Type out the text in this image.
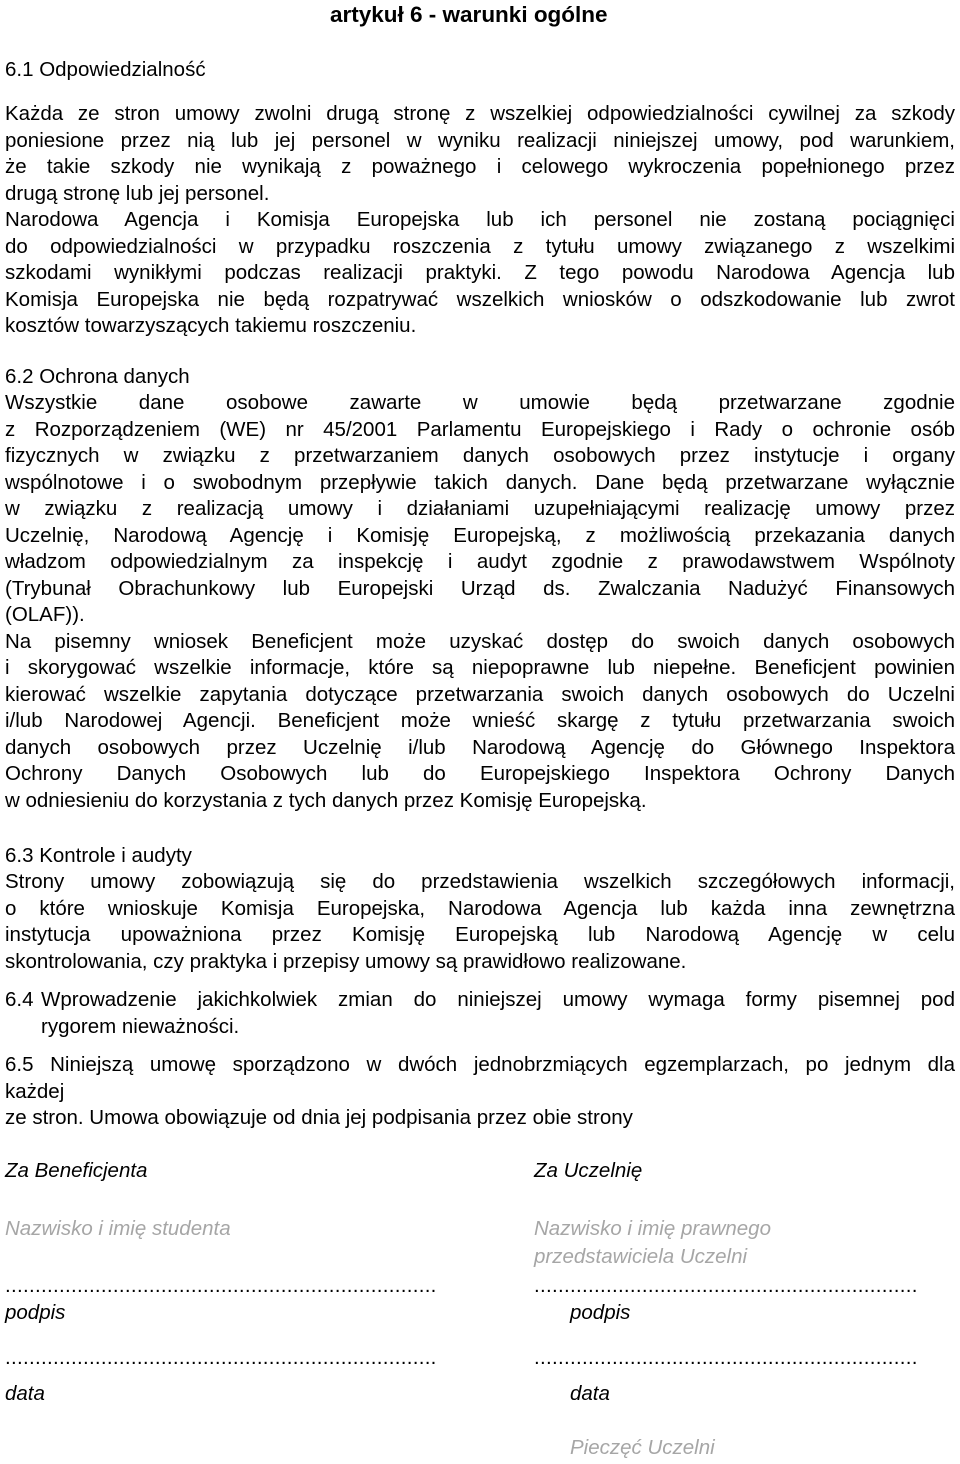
artykuł 6 - warunki ogólne
6.1 Odpowiedzialność

Każda ze stron umowy zwolni drugą stronę z wszelkiej odpowiedzialności cywilnej za szkody

poniesione przez nią lub jej personel w wyniku realizacji niniejszej umowy, pod warunkiem,

że takie szkody nie wynikają z poważnego i celowego wykroczenia popełnionego przez

drugą stronę lub jej personel.

Narodowa Agencja i Komisja Europejska lub ich personel nie zostaną pociągnięci

do odpowiedzialności w przypadku roszczenia z tytułu umowy związanego z wszelkimi

szkodami wynikłymi podczas realizacji praktyki. Z tego powodu Narodowa Agencja lub

Komisja Europejska nie będą rozpatrywać wszelkich wniosków o odszkodowanie lub zwrot

kosztów towarzyszących takiemu roszczeniu.

6.2 Ochrona danych

Wszystkie dane osobowe zawarte w umowie będą przetwarzane zgodnie

z Rozporządzeniem (WE) nr 45/2001 Parlamentu Europejskiego i Rady o ochronie osób

fizycznych w związku z przetwarzaniem danych osobowych przez instytucje i organy

wspólnotowe i o swobodnym przepływie takich danych. Dane będą przetwarzane wyłącznie

w związku z realizacją umowy i działaniami uzupełniającymi realizację umowy przez

Uczelnię, Narodową Agencję i Komisję Europejską, z możliwością przekazania danych

władzom odpowiedzialnym za inspekcję i audyt zgodnie z prawodawstwem Wspólnoty

(Trybunał Obrachunkowy lub Europejski Urząd ds. Zwalczania Nadużyć Finansowych

(OLAF)).

Na pisemny wniosek Beneficjent może uzyskać dostęp do swoich danych osobowych

i skorygować wszelkie informacje, które są niepoprawne lub niepełne. Beneficjent powinien

kierować wszelkie zapytania dotyczące przetwarzania swoich danych osobowych do Uczelni

i/lub Narodowej Agencji. Beneficjent może wnieść skargę z tytułu przetwarzania swoich

danych osobowych przez Uczelnię i/lub Narodową Agencję do Głównego Inspektora

Ochrony Danych Osobowych lub do Europejskiego Inspektora Ochrony Danych

w odniesieniu do korzystania z tych danych przez Komisję Europejską.

6.3 Kontrole i audyty

Strony umowy zobowiązują się do przedstawienia wszelkich szczegółowych informacji,

o które wnioskuje Komisja Europejska, Narodowa Agencja lub każda inna zewnętrzna

instytucja upoważniona przez Komisję Europejską lub Narodową Agencję w celu

skontrolowania, czy praktyka i przepisy umowy są prawidłowo realizowane.

6.4 Wprowadzenie jakichkolwiek zmian do niniejszej umowy wymaga formy pisemnej pod

rygorem nieważności.

6.5 Niniejszą umowę sporządzono w dwóch jednobrzmiących egzemplarzach, po jednym dla

każdej

ze stron. Umowa obowiązuje od dnia jej podpisania przez obie strony

Za Beneficjenta
Nazwisko i imię studenta
........................................................................
podpis
........................................................................
data
Za Uczelnię
Nazwisko i imię prawnego
przedstawiciela Uczelni
................................................................
podpis
................................................................
data
Pieczęć Uczelni
